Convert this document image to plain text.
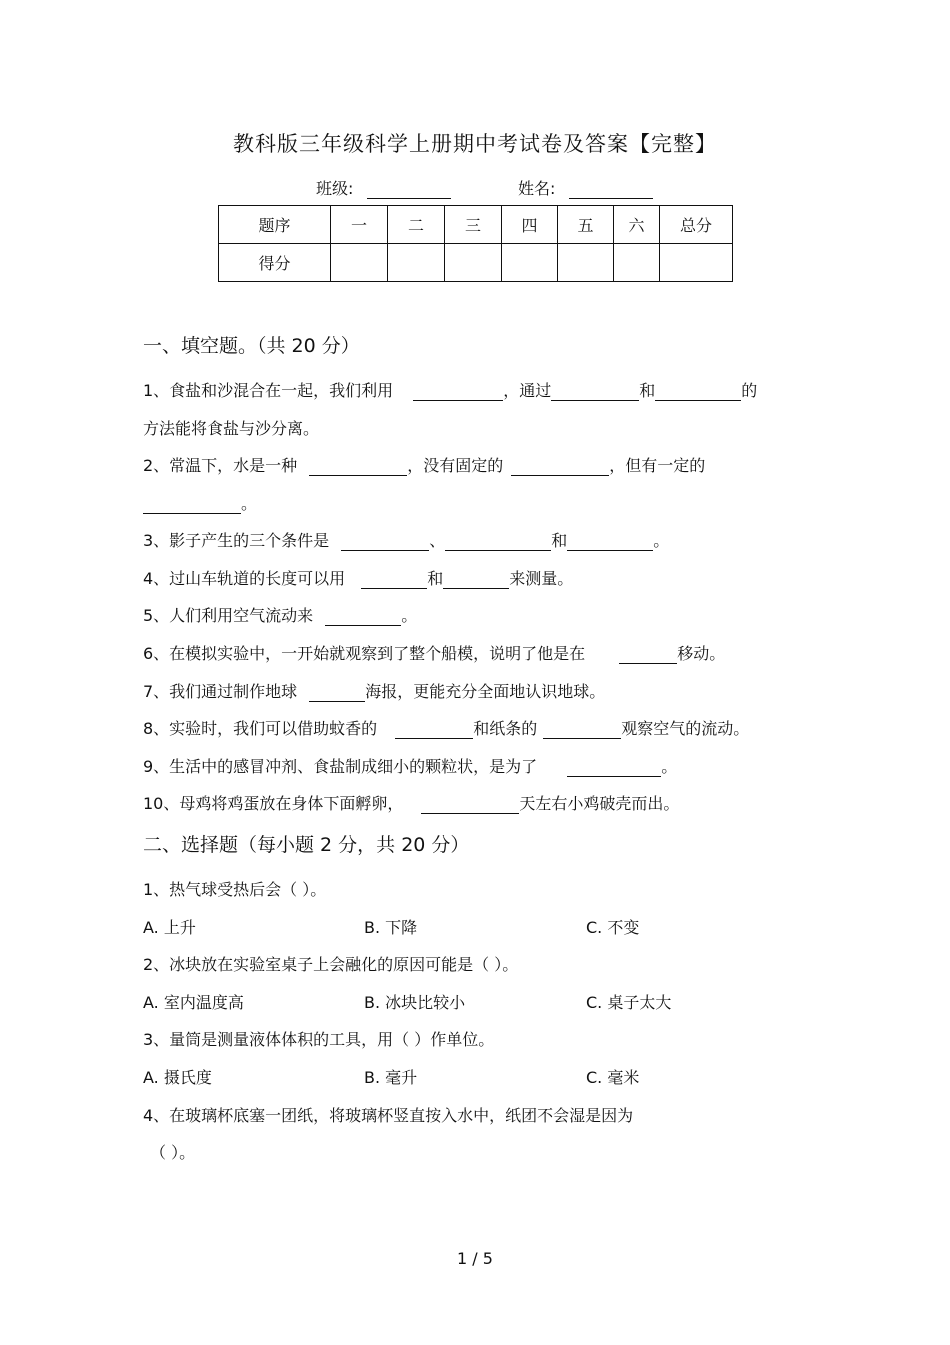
教科版三年级科学上册期中考试卷及答案【完整】
班级:	姓名:
题序	一	二	三	四	五	六	总分
得分							
一、填空题。（共 20 分）
1、食盐和沙混合在一起，我们利用	，通过	和	的
方法能将食盐与沙分离。
2、常温下，水是一种	，没有固定的	，但有一定的
。
3、影子产生的三个条件是	、	和	。
4、过山车轨道的长度可以用	和	来测量。
5、人们利用空气流动来	。
6、在模拟实验中，一开始就观察到了整个船模，说明了他是在	移动。
7、我们通过制作地球	海报，更能充分全面地认识地球。
8、实验时，我们可以借助蚊香的	和纸条的	观察空气的流动。
9、生活中的感冒冲剂、食盐制成细小的颗粒状，是为了	。
10、母鸡将鸡蛋放在身体下面孵卵，	天左右小鸡破壳而出。
二、选择题（每小题 2 分，共 20 分）
1、热气球受热后会（ ）。
A. 上升	B. 下降	C. 不变
2、冰块放在实验室桌子上会融化的原因可能是（ ）。
A. 室内温度高	B. 冰块比较小	C. 桌子太大
3、量筒是测量液体体积的工具，用（ ）作单位。
A. 摄氏度	B. 毫升	C. 毫米
4、在玻璃杯底塞一团纸，将玻璃杯竖直按入水中，纸团不会湿是因为
（ ）。
1 / 5
